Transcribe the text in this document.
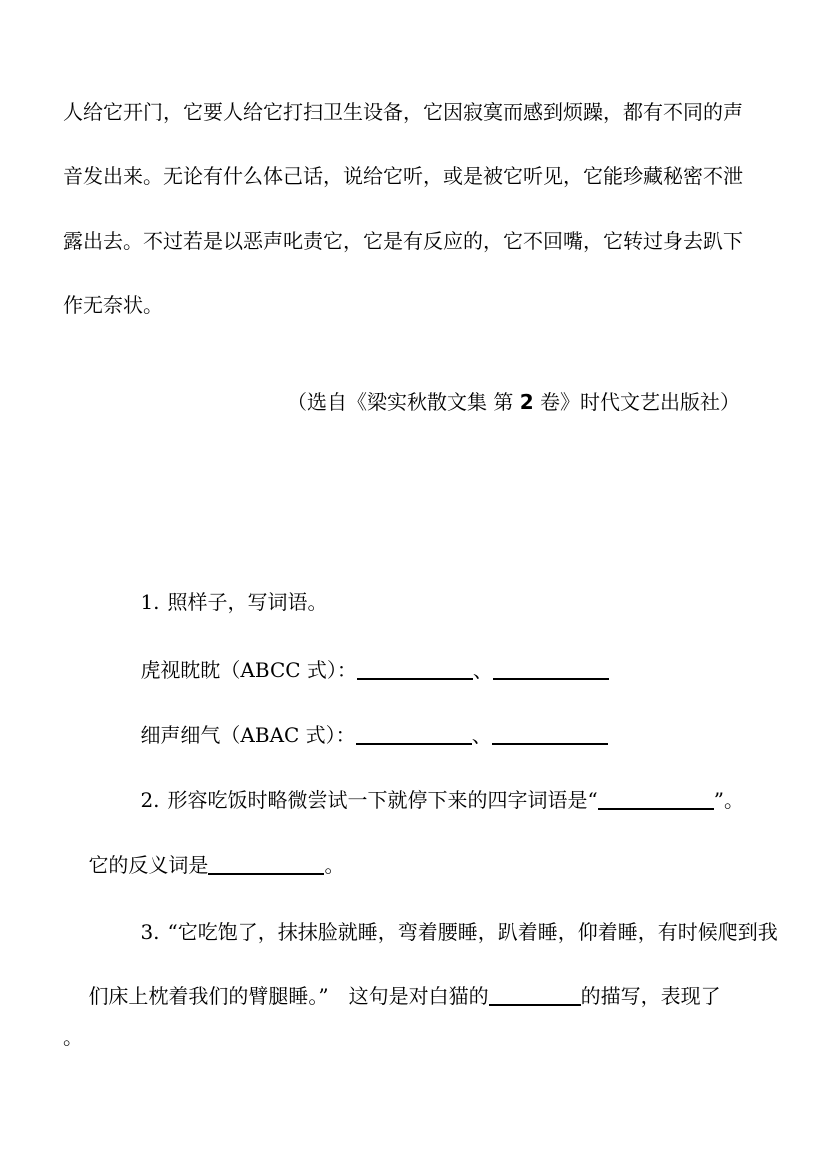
人给它开门，它要人给它打扫卫生设备，它因寂寞而感到烦躁，都有不同的声
音发出来。无论有什么体己话，说给它听，或是被它听见，它能珍藏秘密不泄
露出去。不过若是以恶声叱责它，它是有反应的，它不回嘴，它转过身去趴下
作无奈状。

（选自《梁实秋散文集 第 2 卷》时代文艺出版社）

1. 照样子，写词语。

虎视眈眈（ABCC 式）：	、

细声细气（ABAC 式）：	、

2. 形容吃饭时略微尝试一下就停下来的四字词语是“	”。

它的反义词是	。

3. “它吃饱了，抹抹脸就睡，弯着腰睡，趴着睡，仰着睡，有时候爬到我

们床上枕着我们的臂腿睡。”　这句是对白猫的	的描写，表现了

。
